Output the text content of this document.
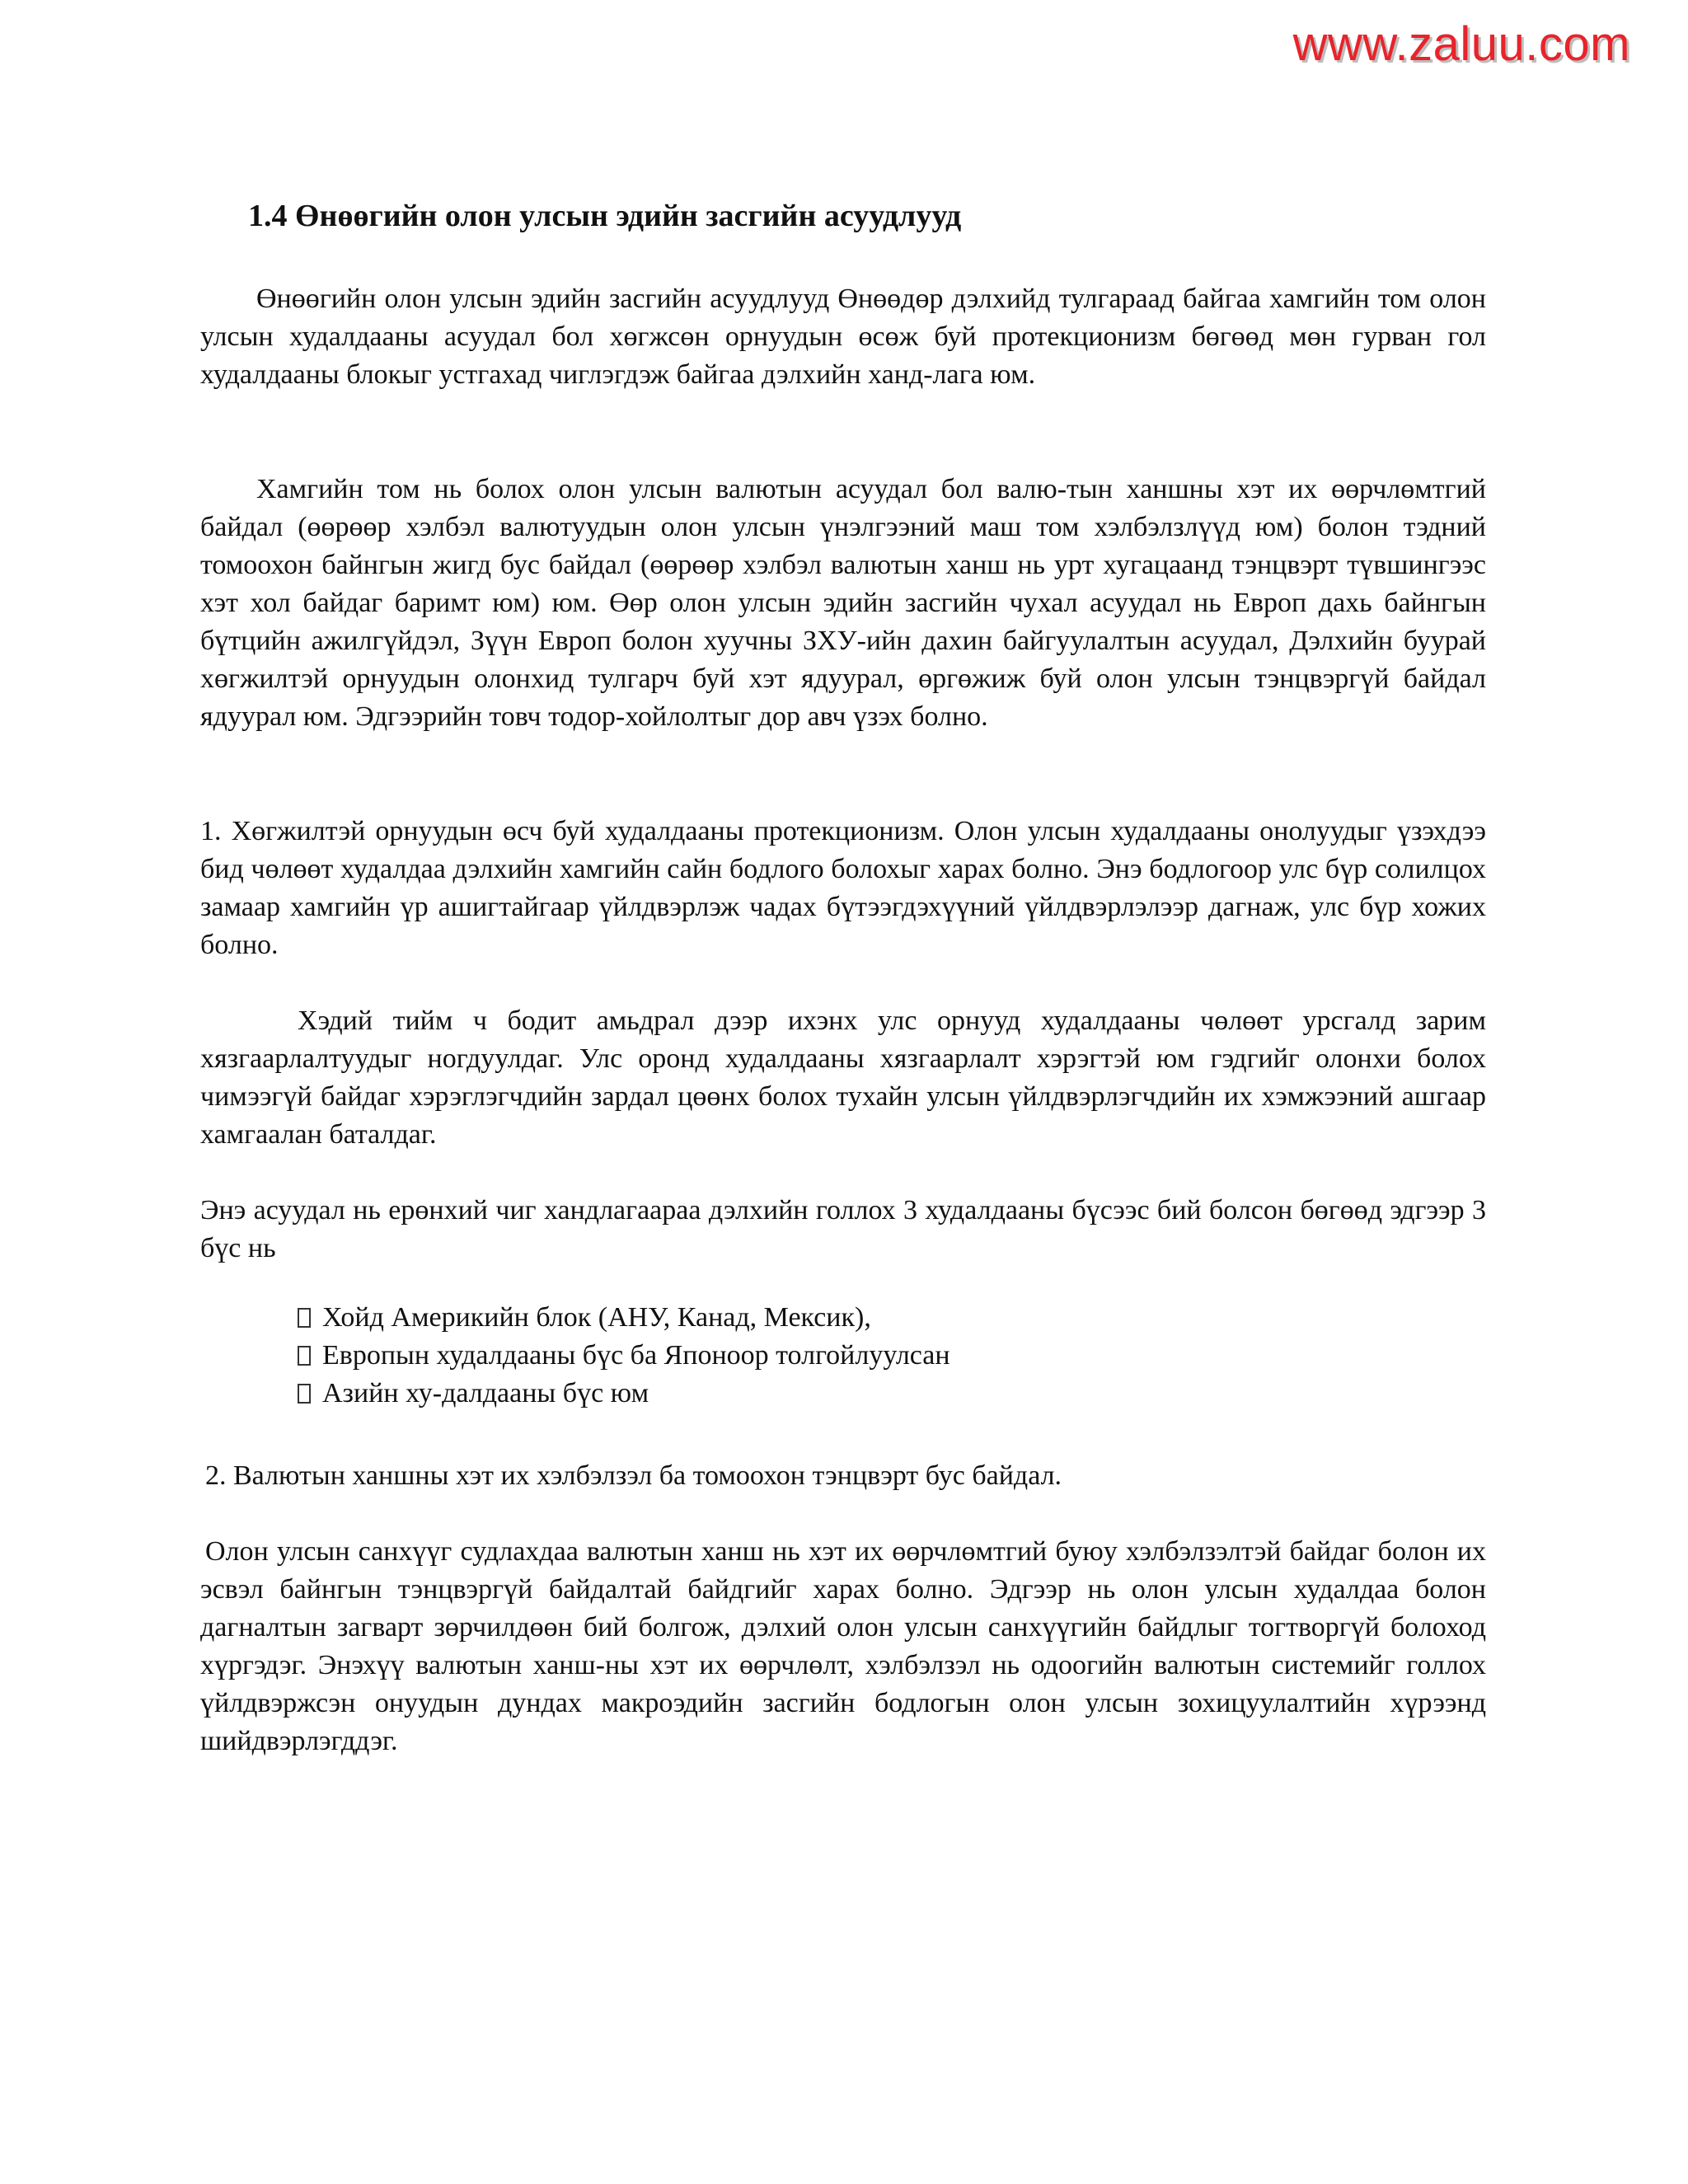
www.zaluu.com
1.4 Өнөөгийн олон улсын эдийн засгийн асуудлууд

Өнөөгийн олон улсын эдийн засгийн асуудлууд Өнөөдөр дэлхийд тулгараад байгаа хамгийн том олон улсын худалдааны асуудал бол хөгжсөн орнуудын өсөж буй протекционизм бөгөөд мөн гурван гол худалдааны блокыг устгахад чиглэгдэж байгаа дэлхийн ханд-лага юм.

Хамгийн том нь болох олон улсын валютын асуудал бол валю-тын ханшны хэт их өөрчлөмтгий байдал (өөрөөр хэлбэл валютуудын олон улсын үнэлгээний маш том хэлбэлзлүүд юм) болон тэдний томоохон байнгын жигд бус байдал (өөрөөр хэлбэл валютын ханш нь урт хугацаанд тэнцвэрт түвшингээс хэт хол байдаг баримт юм) юм. Өөр олон улсын эдийн засгийн чухал асуудал нь Европ дахь байнгын бүтцийн ажилгүйдэл, Зүүн Европ болон хуучны ЗХУ-ийн дахин байгуулалтын асуудал, Дэлхийн буурай хөгжилтэй орнуудын олонхид тулгарч буй хэт ядуурал, өргөжиж буй олон улсын тэнцвэргүй байдал ядуурал юм. Эдгээрийн товч тодор-хойлолтыг дор авч үзэх болно.

1. Хөгжилтэй орнуудын өсч буй худалдааны протекционизм. Олон улсын худалдааны онолуудыг үзэхдээ бид чөлөөт худалдаа дэлхийн хамгийн сайн бодлого болохыг харах болно. Энэ бодлогоор улс бүр солилцох замаар хамгийн үр ашигтайгаар үйлдвэрлэж чадах бүтээгдэхүүний үйлдвэрлэлээр дагнаж, улс бүр хожих болно.

Хэдий тийм ч бодит амьдрал дээр ихэнх улс орнууд худалдааны чөлөөт урсгалд зарим хязгаарлалтуудыг ногдуулдаг. Улс оронд худалдааны хязгаарлалт хэрэгтэй юм гэдгийг олонхи болох чимээгүй байдаг хэрэглэгчдийн зардал цөөнх болох тухайн улсын үйлдвэрлэгчдийн их хэмжээний ашгаар хамгаалан баталдаг.

Энэ асуудал нь ерөнхий чиг хандлагаараа дэлхийн голлох 3 худалдааны бүсээс бий болсон бөгөөд эдгээр 3 бүс нь

Хойд Америкийн блок (АНУ, Канад, Мексик),
Европын худалдааны бүс ба Японоор толгойлуулсан
Азийн ху-далдааны бүс юм

2. Валютын ханшны хэт их хэлбэлзэл ба томоохон тэнцвэрт бус байдал.

Олон улсын санхүүг судлахдаа валютын ханш нь хэт их өөрчлөмтгий буюу хэлбэлзэлтэй байдаг болон их эсвэл байнгын тэнцвэргүй байдалтай байдгийг харах болно. Эдгээр нь олон улсын худалдаа болон дагналтын загварт зөрчилдөөн бий болгож, дэлхий олон улсын санхүүгийн байдлыг тогтворгүй болоход хүргэдэг. Энэхүү валютын ханш-ны хэт их өөрчлөлт, хэлбэлзэл нь одоогийн валютын системийг голлох үйлдвэржсэн онуудын дундах макроэдийн засгийн бодлогын олон улсын зохицуулалтийн хүрээнд шийдвэрлэгддэг.
